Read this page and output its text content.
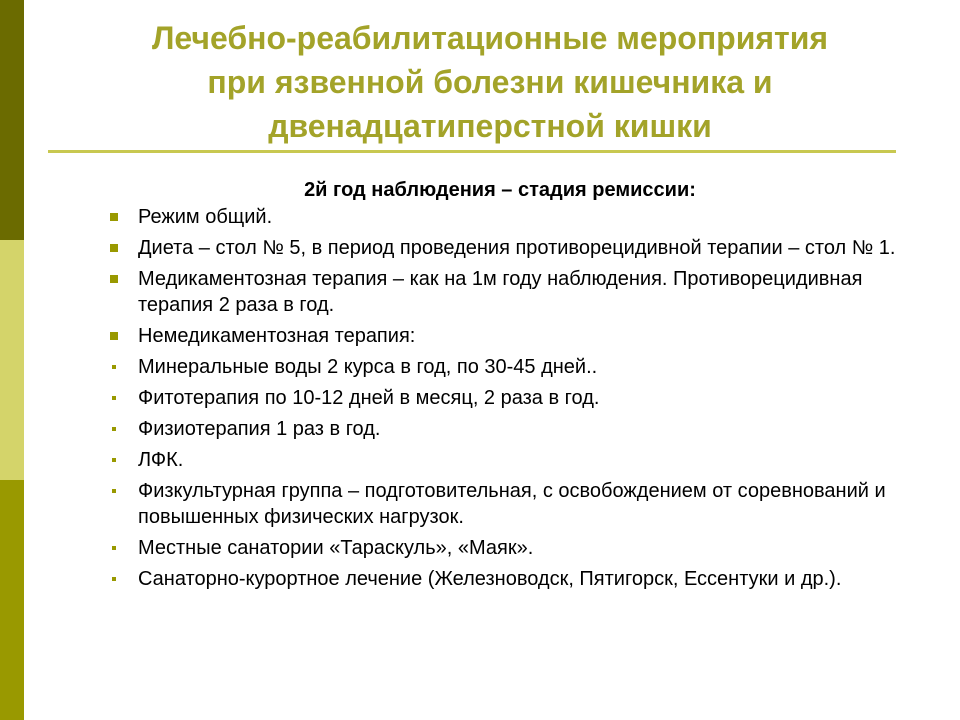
Лечебно-реабилитационные мероприятия
при язвенной болезни кишечника и
двенадцатиперстной кишки
2й год наблюдения – стадия ремиссии:
Режим общий.
Диета – стол № 5, в период проведения противорецидивной терапии – стол № 1.
Медикаментозная терапия – как на 1м году наблюдения. Противорецидивная терапия 2 раза в год.
Немедикаментозная терапия:
Минеральные воды 2 курса в год, по 30-45 дней..
Фитотерапия по 10-12 дней в месяц, 2 раза в год.
Физиотерапия 1 раз в год.
ЛФК.
Физкультурная группа – подготовительная, с освобождением от соревнований и повышенных физических нагрузок.
Местные санатории «Тараскуль», «Маяк».
Санаторно-курортное лечение (Железноводск, Пятигорск, Ессентуки и др.).
